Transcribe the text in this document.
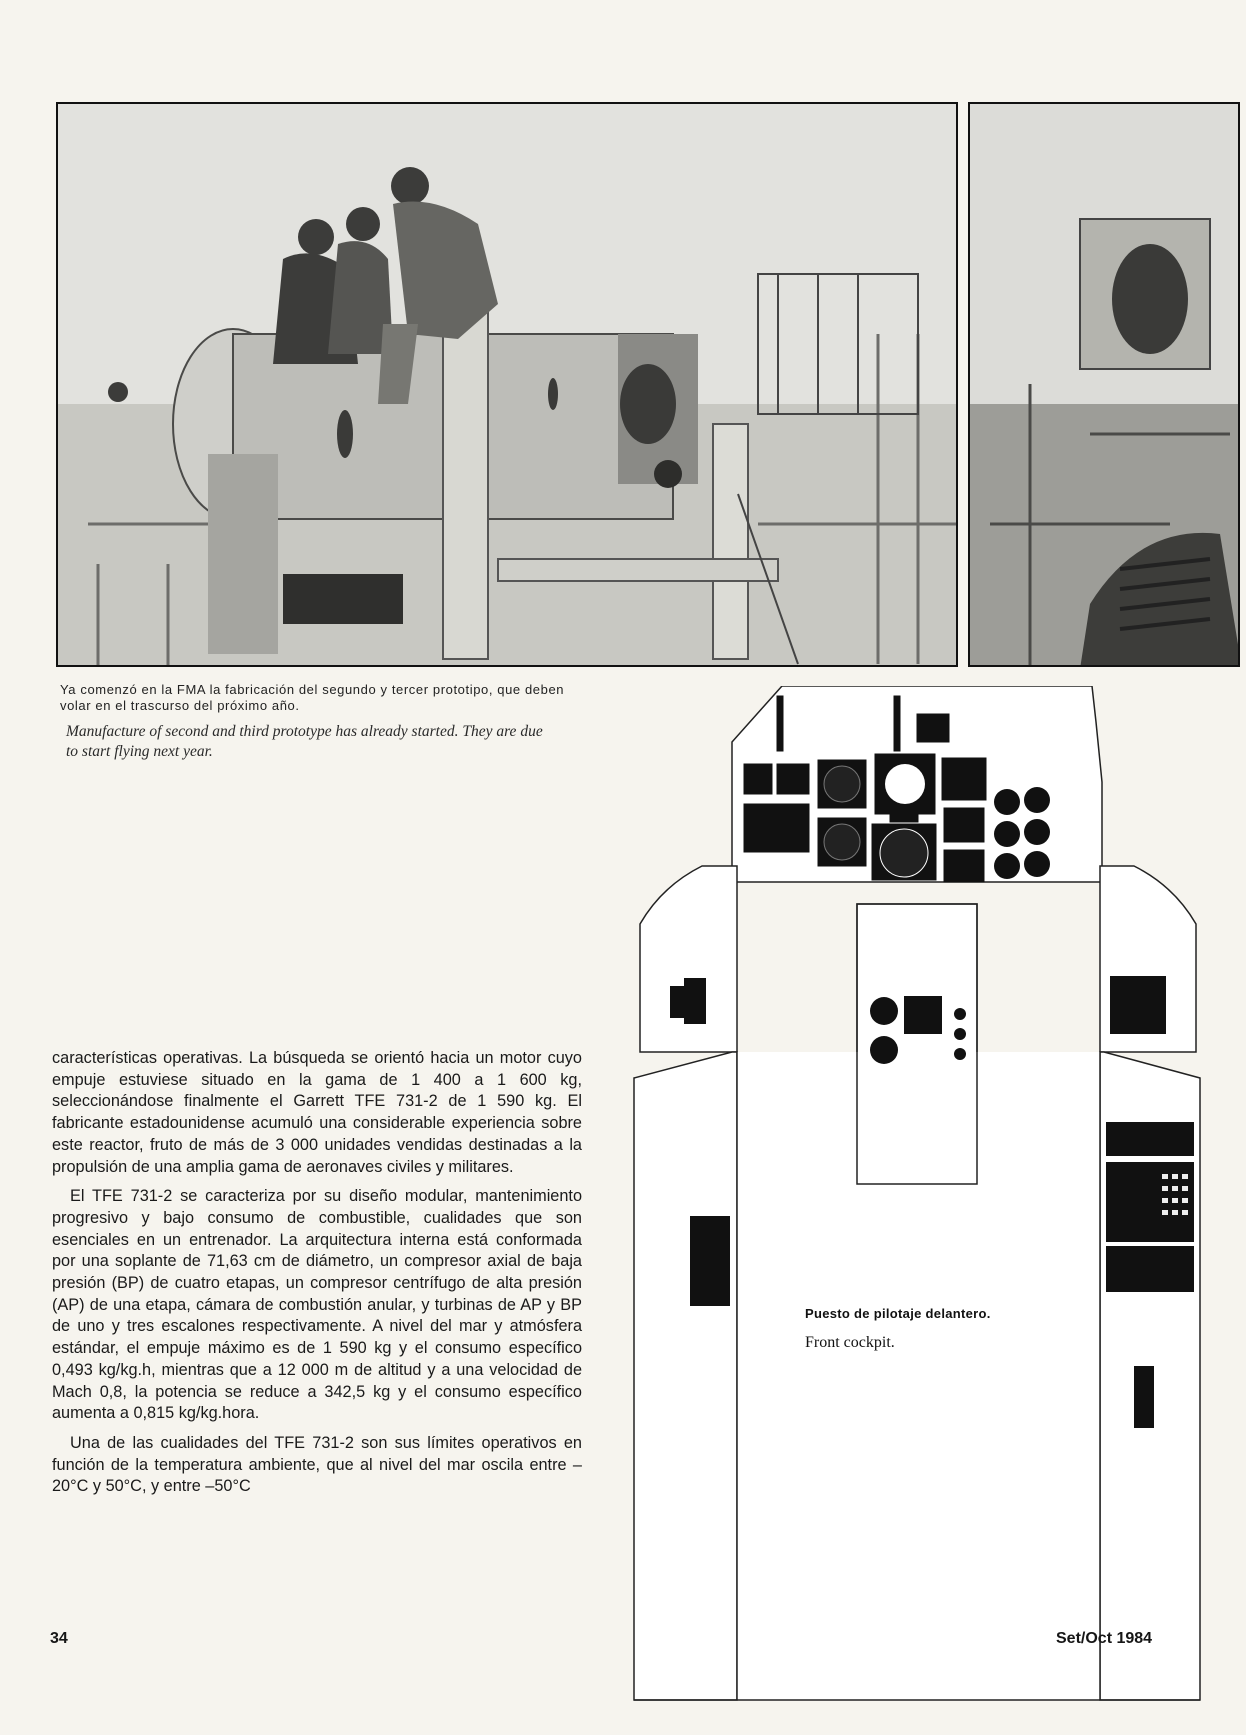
Ya comenzó en la FMA la fabricación del segundo y tercer prototipo, que deben volar en el trascurso del próximo año.
Manufacture of second and third prototype has already started. They are due to start flying next year.

características operativas. La búsqueda se orientó hacia un motor cuyo empuje estuviese situado en la gama de 1 400 a 1 600 kg, seleccionándose finalmente el Garrett TFE 731-2 de 1 590 kg. El fabricante estadounidense acumuló una considerable experiencia sobre este reactor, fruto de más de 3 000 unidades vendidas destinadas a la propulsión de una amplia gama de aeronaves civiles y militares.

El TFE 731-2 se caracteriza por su diseño modular, mantenimiento progresivo y bajo consumo de combustible, cualidades que son esenciales en un entrenador. La arquitectura interna está conformada por una soplante de 71,63 cm de diámetro, un compresor axial de baja presión (BP) de cuatro etapas, un compresor centrífugo de alta presión (AP) de una etapa, cámara de combustión anular, y turbinas de AP y BP de uno y tres escalones respectivamente. A nivel del mar y atmósfera estándar, el empuje máximo es de 1 590 kg y el consumo específico 0,493 kg/kg.h, mientras que a 12 000 m de altitud y a una velocidad de Mach 0,8, la potencia se reduce a 342,5 kg y el consumo específico aumenta a 0,815 kg/kg.hora.

Una de las cualidades del TFE 731-2 son sus límites operativos en función de la temperatura ambiente, que al nivel del mar oscila entre –20°C y 50°C, y entre –50°C

Puesto de pilotaje delantero.
Front cockpit.
34	Set/Oct 1984
